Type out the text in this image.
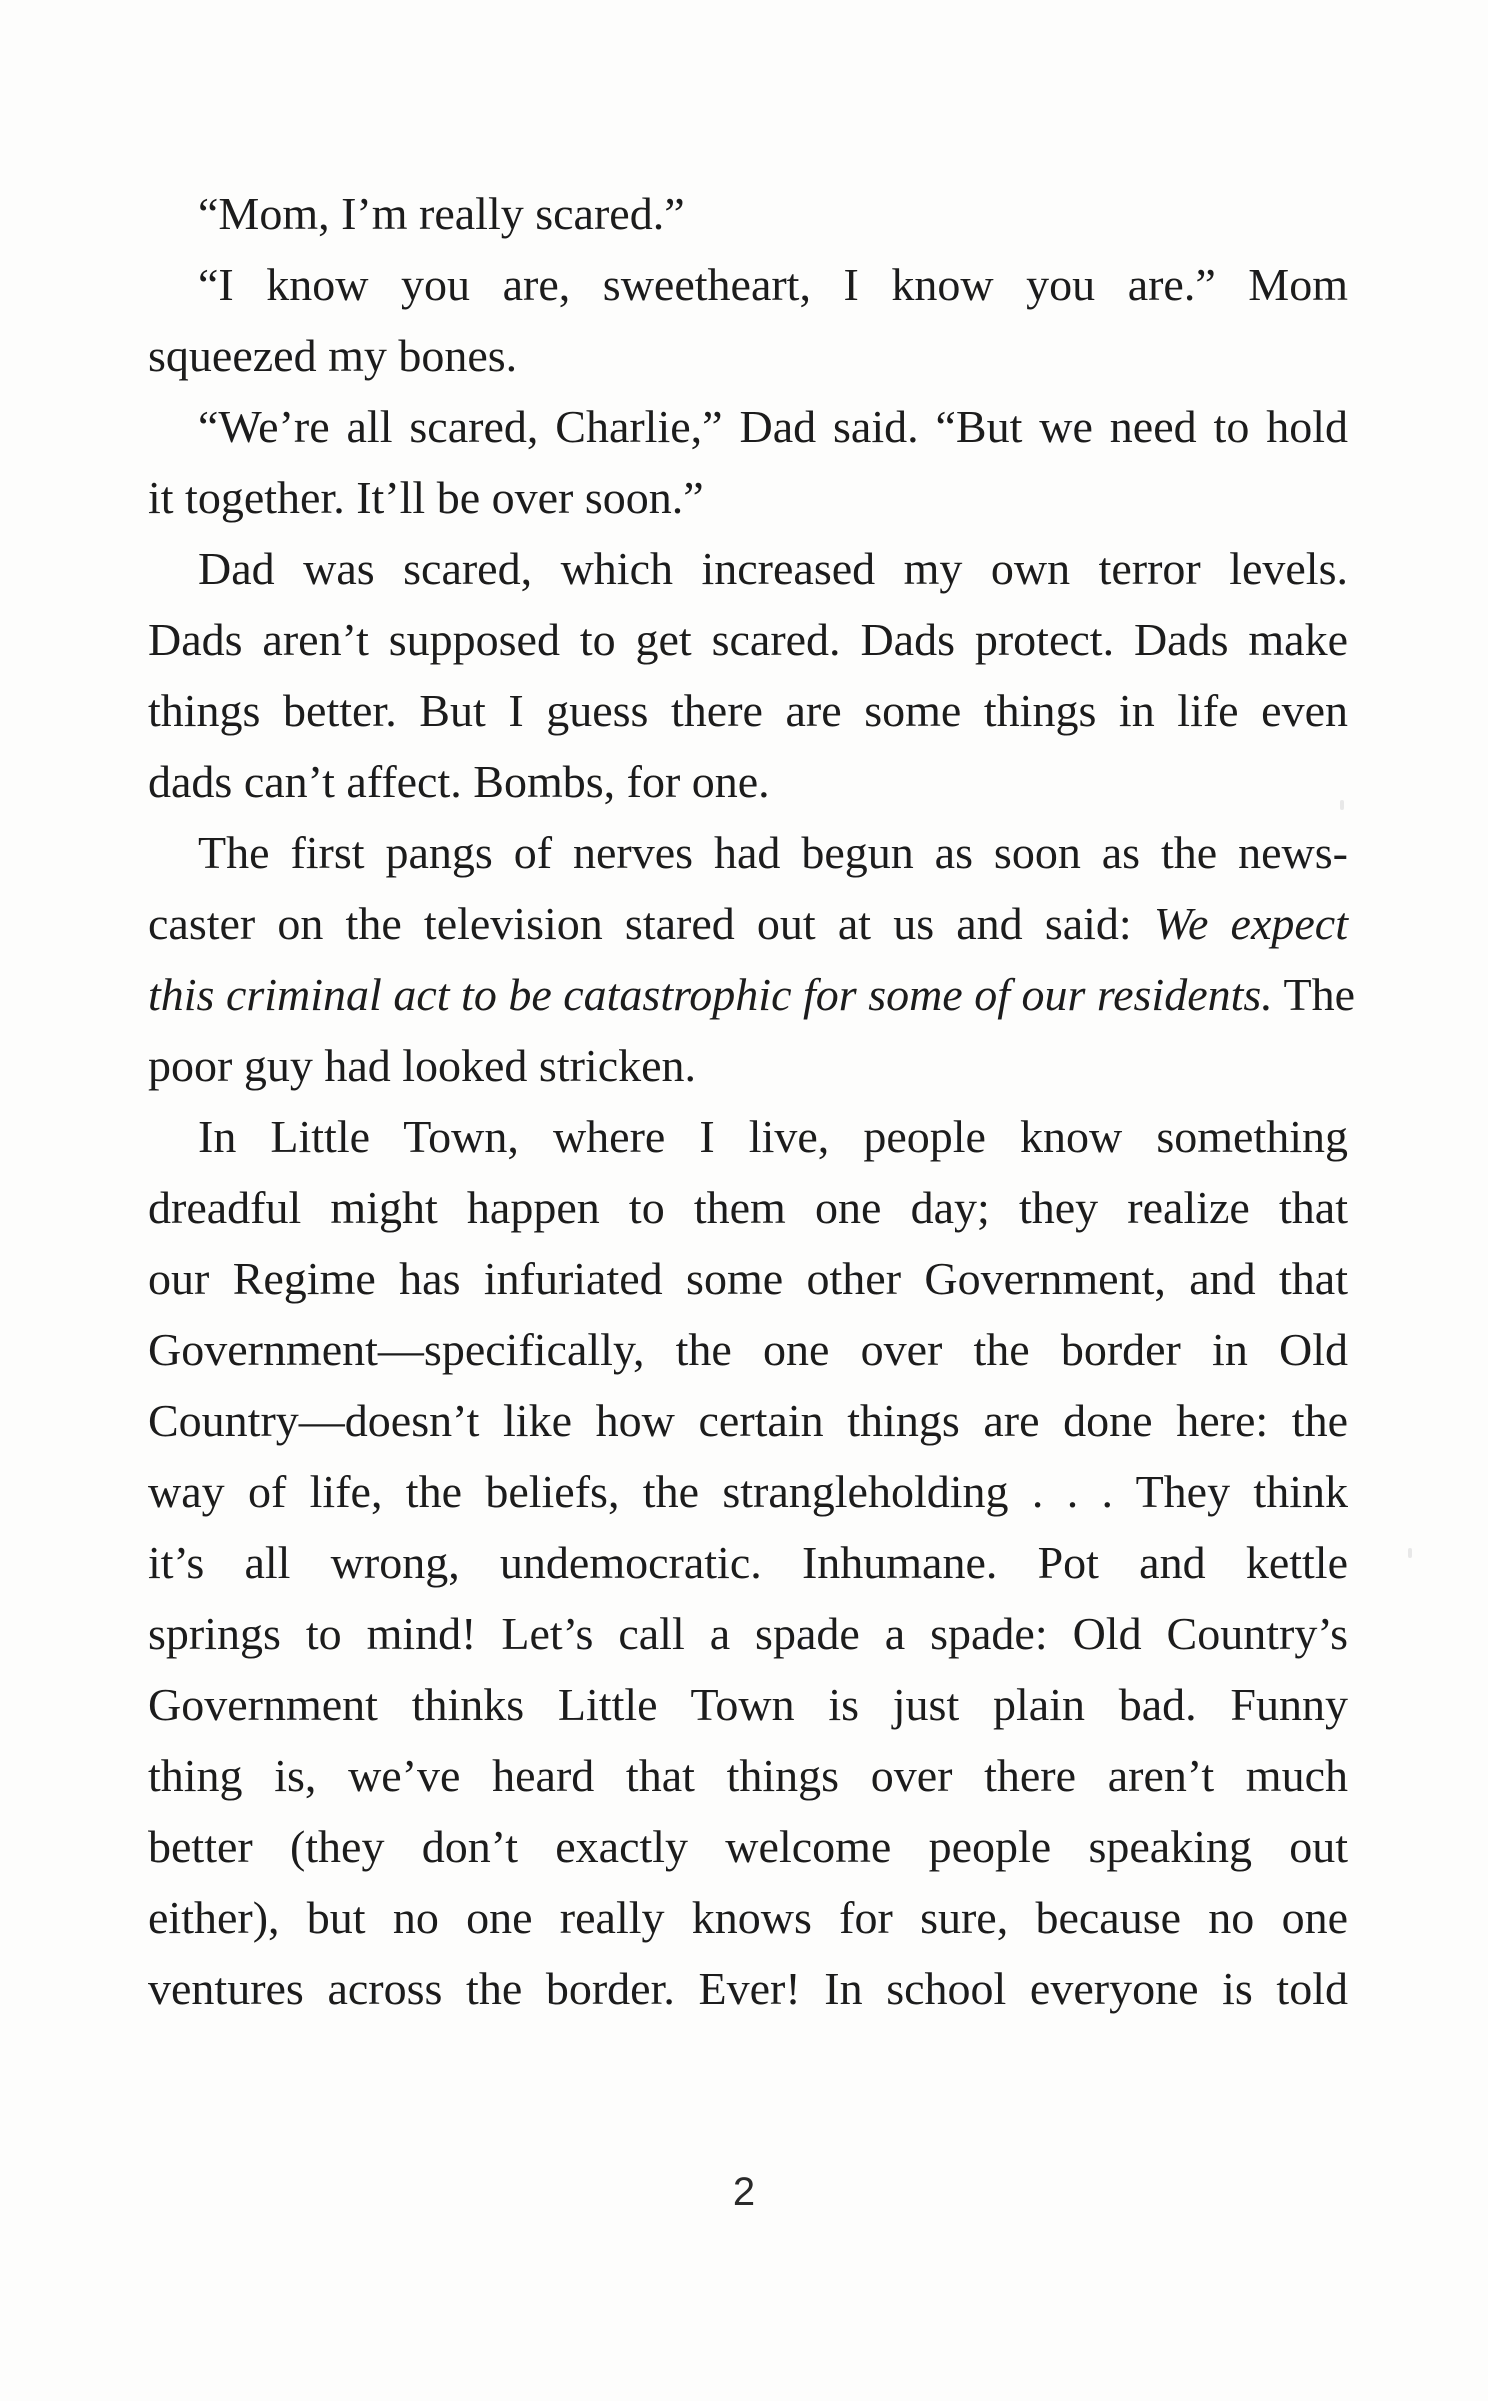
“Mom, I’m really scared.”

“I know you are, sweetheart, I know you are.” Mom
squeezed my bones.

“We’re all scared, Charlie,” Dad said. “But we need to hold
it together. It’ll be over soon.”

Dad was scared, which increased my own terror levels.
Dads aren’t supposed to get scared. Dads protect. Dads make
things better. But I guess there are some things in life even
dads can’t affect. Bombs, for one.

The first pangs of nerves had begun as soon as the news-
caster on the television stared out at us and said: We expect
this criminal act to be catastrophic for some of our residents. The
poor guy had looked stricken.

In Little Town, where I live, people know something
dreadful might happen to them one day; they realize that
our Regime has infuriated some other Government, and that
Government—specifically, the one over the border in Old
Country—doesn’t like how certain things are done here: the
way of life, the beliefs, the strangleholding . . . They think
it’s all wrong, undemocratic. Inhumane. Pot and kettle
springs to mind! Let’s call a spade a spade: Old Country’s
Government thinks Little Town is just plain bad. Funny
thing is, we’ve heard that things over there aren’t much
better (they don’t exactly welcome people speaking out
either), but no one really knows for sure, because no one
ventures across the border. Ever! In school everyone is told

2
